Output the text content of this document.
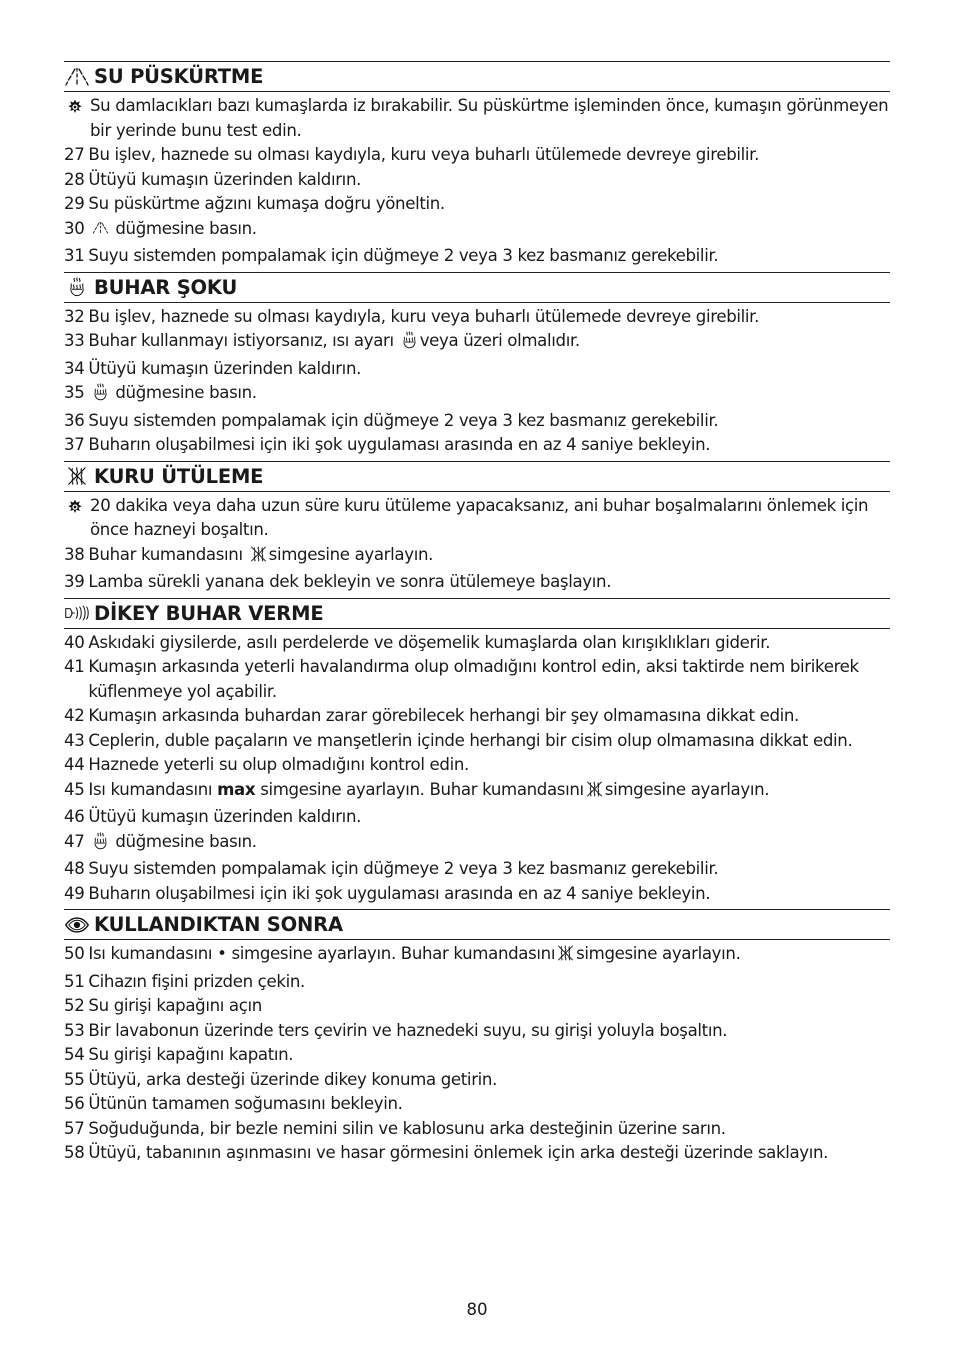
SU PÜSKÜRTME
Su damlacıkları bazı kumaşlarda iz bırakabilir. Su püskürtme işleminden önce, kumaşın görünmeyen bir yerinde bunu test edin.
27 Bu işlev, haznede su olması kaydıyla, kuru veya buharlı ütülemede devreye girebilir.
28 Ütüyü kumaşın üzerinden kaldırın.
29 Su püskürtme ağzını kumaşa doğru yöneltin.
30	düğmesine basın.
31 Suyu sistemden pompalamak için düğmeye 2 veya 3 kez basmanız gerekebilir.
BUHAR ŞOKU
32 Bu işlev, haznede su olması kaydıyla, kuru veya buharlı ütülemede devreye girebilir.
33 Buhar kullanmayı istiyorsanız, ısı ayarı veya üzeri olmalıdır.
34 Ütüyü kumaşın üzerinden kaldırın.
35	düğmesine basın.
36 Suyu sistemden pompalamak için düğmeye 2 veya 3 kez basmanız gerekebilir.
37 Buharın oluşabilmesi için iki şok uygulaması arasında en az 4 saniye bekleyin.
KURU ÜTÜLEME
20 dakika veya daha uzun süre kuru ütüleme yapacaksanız, ani buhar boşalmalarını önlemek için önce hazneyi boşaltın.
38 Buhar kumandasını simgesine ayarlayın.
39 Lamba sürekli yanana dek bekleyin ve sonra ütülemeye başlayın.
DİKEY BUHAR VERME
40 Askıdaki giysilerde, asılı perdelerde ve döşemelik kumaşlarda olan kırışıklıkları giderir.
41 Kumaşın arkasında yeterli havalandırma olup olmadığını kontrol edin, aksi taktirde nem birikerek küflenmeye yol açabilir.
42 Kumaşın arkasında buhardan zarar görebilecek herhangi bir şey olmamasına dikkat edin.
43 Ceplerin, duble paçaların ve manşetlerin içinde herhangi bir cisim olup olmamasına dikkat edin.
44 Haznede yeterli su olup olmadığını kontrol edin.
45 Isı kumandasını max simgesine ayarlayın. Buhar kumandasını simgesine ayarlayın.
46 Ütüyü kumaşın üzerinden kaldırın.
47	düğmesine basın.
48 Suyu sistemden pompalamak için düğmeye 2 veya 3 kez basmanız gerekebilir.
49 Buharın oluşabilmesi için iki şok uygulaması arasında en az 4 saniye bekleyin.
KULLANDIKTAN SONRA
50 Isı kumandasını • simgesine ayarlayın. Buhar kumandasını simgesine ayarlayın.
51 Cihazın fişini prizden çekin.
52 Su girişi kapağını açın
53 Bir lavabonun üzerinde ters çevirin ve haznedeki suyu, su girişi yoluyla boşaltın.
54 Su girişi kapağını kapatın.
55 Ütüyü, arka desteği üzerinde dikey konuma getirin.
56 Ütünün tamamen soğumasını bekleyin.
57 Soğuduğunda, bir bezle nemini silin ve kablosunu arka desteğinin üzerine sarın.
58 Ütüyü, tabanının aşınmasını ve hasar görmesini önlemek için arka desteği üzerinde saklayın.
80
